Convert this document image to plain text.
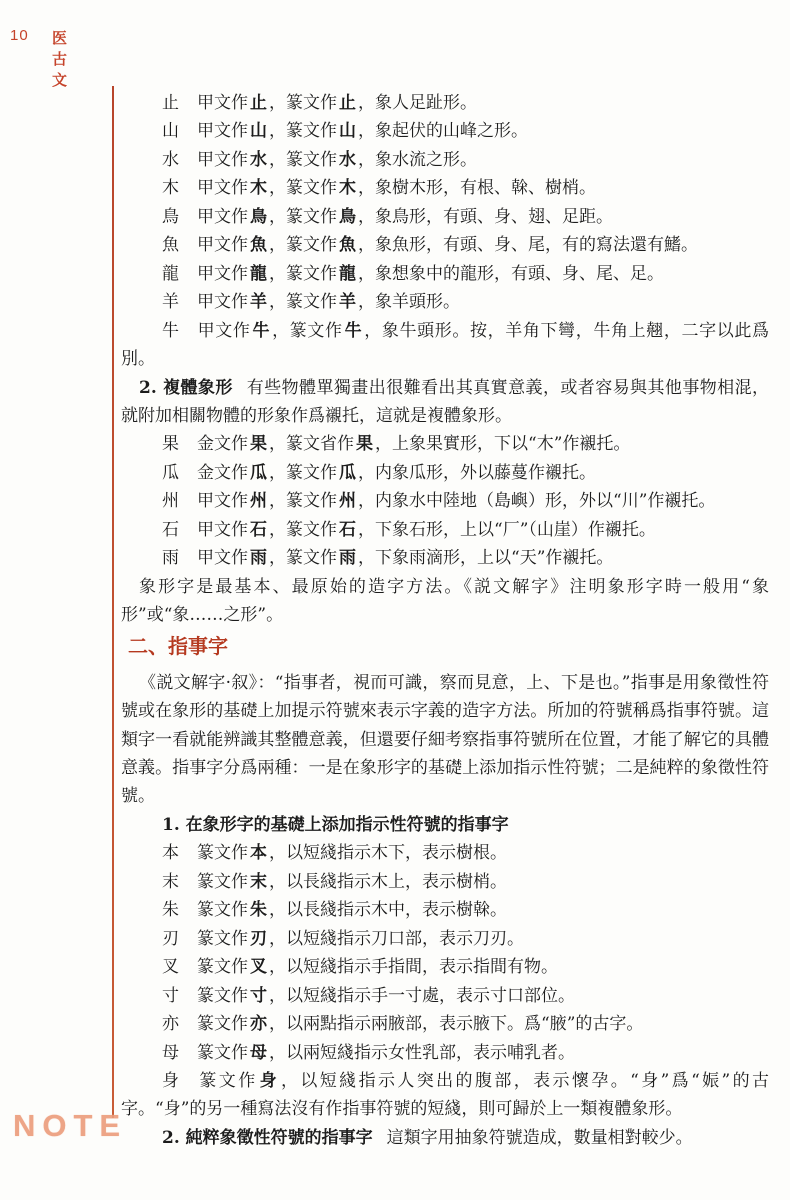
10 医古文

止 甲文作 止 ，篆文作 止 ，象人足趾形。

山 甲文作 山 ，篆文作 山 ，象起伏的山峰之形。

水 甲文作 水 ，篆文作 水 ，象水流之形。

木 甲文作 木 ，篆文作 木 ，象樹木形，有根、榦、樹梢。

鳥 甲文作 鳥 ，篆文作 鳥 ，象鳥形，有頭、身、翅、足距。

魚 甲文作 魚 ，篆文作 魚 ，象魚形，有頭、身、尾，有的寫法還有鰭。

龍 甲文作 龍 ，篆文作 龍 ，象想象中的龍形，有頭、身、尾、足。

羊 甲文作 羊 ，篆文作 羊 ，象羊頭形。

牛 甲文作 牛 ，篆文作 牛 ，象牛頭形。按，羊角下彎，牛角上翹，二字以此爲別。

2. 複體象形 有些物體單獨畫出很難看出其真實意義，或者容易與其他事物相混，就附加相關物體的形象作爲襯托，這就是複體象形。

果 金文作 果 ，篆文省作 果 ，上象果實形，下以“木”作襯托。

瓜 金文作 瓜 ，篆文作 瓜 ，内象瓜形，外以藤蔓作襯托。

州 甲文作 州 ，篆文作 州 ，内象水中陸地（島嶼）形，外以“川”作襯托。

石 甲文作 石 ，篆文作 石 ，下象石形，上以“厂”（山崖）作襯托。

雨 甲文作 雨 ，篆文作 雨 ，下象雨滴形，上以“天”作襯托。

象形字是最基本、最原始的造字方法。《説文解字》注明象形字時一般用“象形”或“象……之形”。

二、指事字

《説文解字·叙》：“指事者，視而可識，察而見意，上、下是也。”指事是用象徵性符號或在象形的基礎上加提示符號來表示字義的造字方法。所加的符號稱爲指事符號。這類字一看就能辨識其整體意義，但還要仔細考察指事符號所在位置，才能了解它的具體意義。指事字分爲兩種：一是在象形字的基礎上添加指示性符號；二是純粹的象徵性符號。

1. 在象形字的基礎上添加指示性符號的指事字

本 篆文作 本 ，以短綫指示木下，表示樹根。

末 篆文作 末 ，以長綫指示木上，表示樹梢。

朱 篆文作 朱 ，以長綫指示木中，表示樹榦。

刃 篆文作 刃 ，以短綫指示刀口部，表示刀刃。

叉 篆文作 叉 ，以短綫指示手指間，表示指間有物。

寸 篆文作 寸 ，以短綫指示手一寸處，表示寸口部位。

亦 篆文作 亦 ，以兩點指示兩腋部，表示腋下。爲“腋”的古字。

母 篆文作 母 ，以兩短綫指示女性乳部，表示哺乳者。

身 篆文作 身 ，以短綫指示人突出的腹部，表示懷孕。“身”爲“娠”的古字。“身”的另一種寫法沒有作指事符號的短綫，則可歸於上一類複體象形。

2. 純粹象徵性符號的指事字 這類字用抽象符號造成，數量相對較少。

NOTE
